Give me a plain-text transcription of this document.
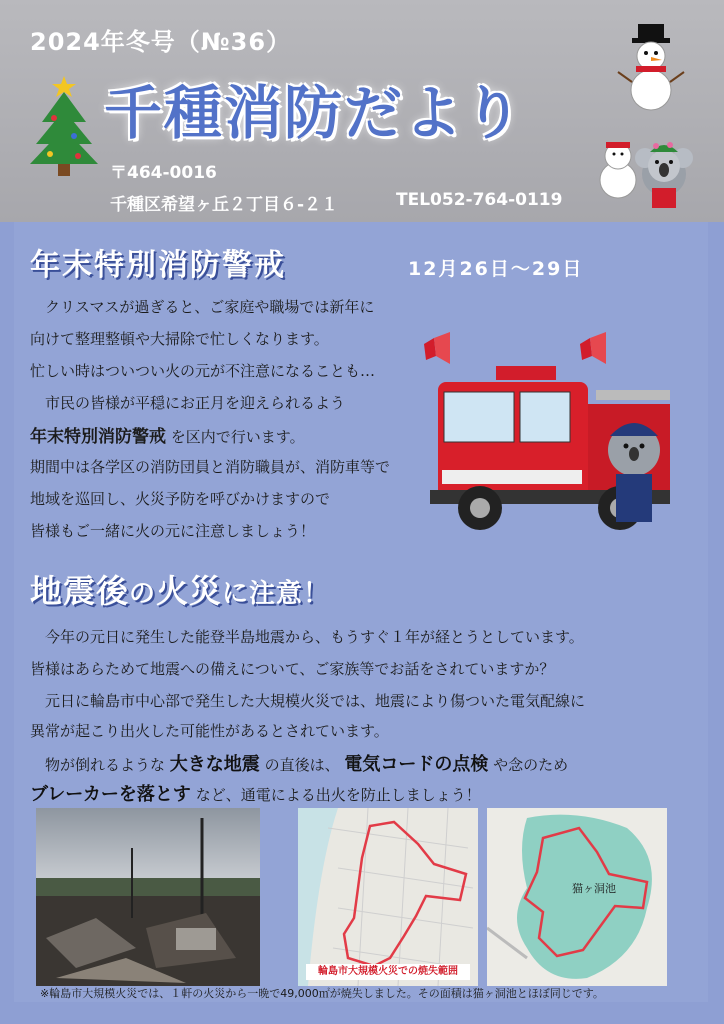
2024年冬号（№36）
千種消防だより
〒464-0016
千種区希望ヶ丘２丁目６‐２１	TEL052-764-0119
年末特別消防警戒	12月26日～29日
　クリスマスが過ぎると、ご家庭や職場では新年に
向けて整理整頓や大掃除で忙しくなります。
忙しい時はついつい火の元が不注意になることも…
　市民の皆様が平穏にお正月を迎えられるよう
年末特別消防警戒 を区内で行います。
期間中は各学区の消防団員と消防職員が、消防車等で
地域を巡回し、火災予防を呼びかけますので
皆様もご一緒に火の元に注意しましょう！
地震後の火災に注意！
　今年の元日に発生した能登半島地震から、もうすぐ１年が経とうとしています。
皆様はあらためて地震への備えについて、ご家族等でお話をされていますか？
　元日に輪島市中心部で発生した大規模火災では、地震により傷ついた電気配線に
異常が起こり出火した可能性があるとされています。
　物が倒れるような 大きな地震 の直後は、 電気コードの点検 や念のため
ブレーカーを落とす など、通電による出火を防止しましょう！
輪島市大規模火災での焼失範囲
猫ヶ洞池
※輪島市大規模火災では、１軒の火災から一晩で49,000㎡が焼失しました。その面積は猫ヶ洞池とほぼ同じです。
